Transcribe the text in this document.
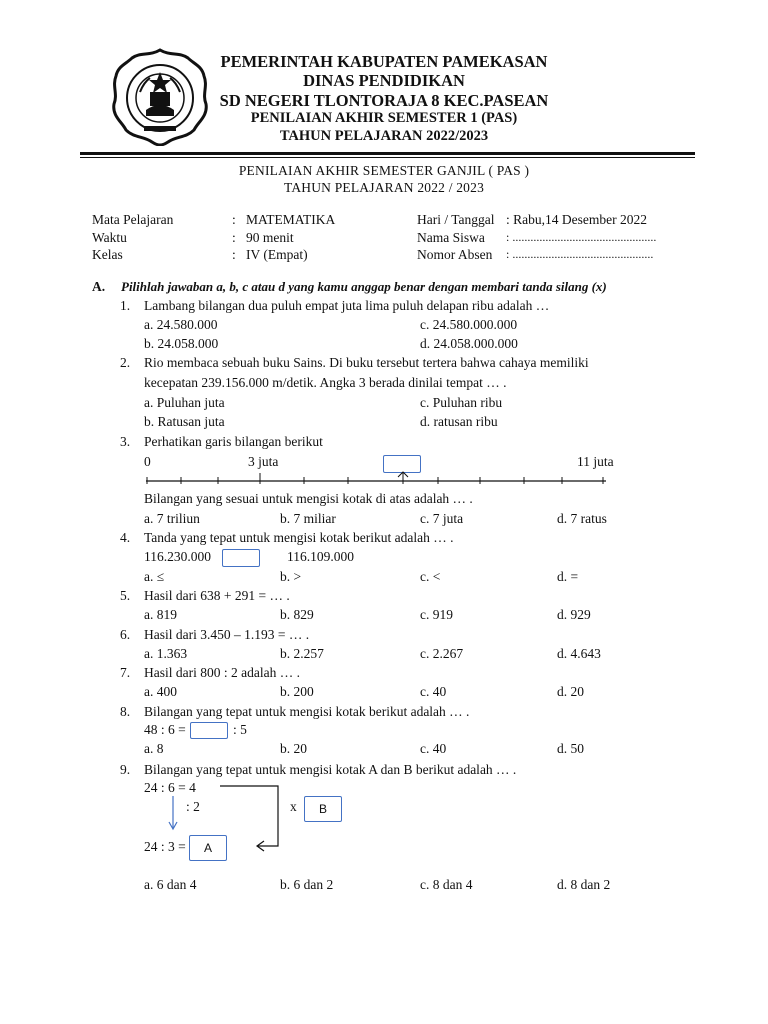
PEMERINTAH KABUPATEN PAMEKASAN
DINAS PENDIDIKAN
SD NEGERI TLONTORAJA 8 KEC.PASEAN
PENILAIAN AKHIR SEMESTER 1 (PAS)
TAHUN PELAJARAN 2022/2023
PENILAIAN AKHIR SEMESTER GANJIL ( PAS )
TAHUN PELAJARAN 2022 / 2023
Mata Pelajaran	: MATEMATIKA
Waktu	: 90 menit
Kelas	: IV (Empat)
Hari / Tanggal : Rabu,14 Desember 2022
Nama Siswa : ................................................
Nomor Absen : ...............................................
A. Pilihlah jawaban a, b, c atau d yang kamu anggap benar dengan membari tanda silang (x)
1. Lambang bilangan dua puluh empat juta lima puluh delapan ribu adalah …
a. 24.580.000	c. 24.580.000.000
b. 24.058.000	d. 24.058.000.000
2. Rio membaca sebuah buku Sains. Di buku tersebut tertera bahwa cahaya memiliki
kecepatan 239.156.000 m/detik. Angka 3 berada dinilai tempat … .
a. Puluhan juta	c. Puluhan ribu
b. Ratusan juta	d. ratusan ribu
3. Perhatikan garis bilangan berikut
0	3 juta	11 juta
Bilangan yang sesuai untuk mengisi kotak di atas adalah … .
a. 7 triliun	b. 7 miliar	c. 7 juta	d. 7 ratus
4. Tanda yang tepat untuk mengisi kotak berikut adalah … .
116.230.000	116.109.000
a. ≤	b. >	c. <	d. =
5. Hasil dari 638 + 291 = … .
a. 819	b. 829	c. 919	d. 929
6. Hasil dari 3.450 – 1.193 = … .
a. 1.363	b. 2.257	c. 2.267	d. 4.643
7. Hasil dari 800 : 2 adalah … .
a. 400	b. 200	c. 40	d. 20
8. Bilangan yang tepat untuk mengisi kotak berikut adalah … .
48 : 6 =	: 5
a. 8	b. 20	c. 40	d. 50
9. Bilangan yang tepat untuk mengisi kotak A dan B berikut adalah … .
24 : 6 = 4
: 2	x	B
24 : 3 =	A
a. 6 dan 4	b. 6 dan 2	c. 8 dan 4	d. 8 dan 2
